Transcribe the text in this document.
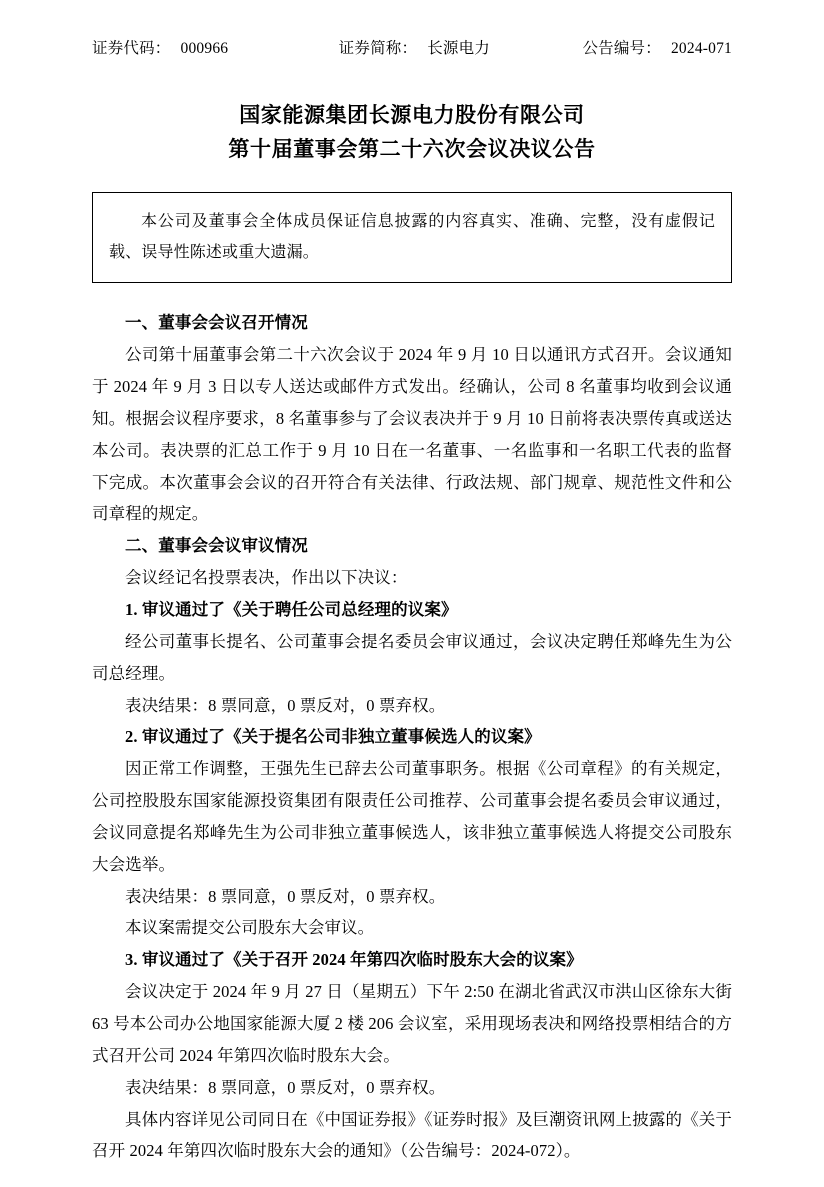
证券代码： 000966	证券简称： 长源电力	公告编号： 2024-071
国家能源集团长源电力股份有限公司
第十届董事会第二十六次会议决议公告

本公司及董事会全体成员保证信息披露的内容真实、准确、完整，没有虚假记载、误导性陈述或重大遗漏。

一、董事会会议召开情况

公司第十届董事会第二十六次会议于 2024 年 9 月 10 日以通讯方式召开。会议通知于 2024 年 9 月 3 日以专人送达或邮件方式发出。经确认，公司 8 名董事均收到会议通知。根据会议程序要求，8 名董事参与了会议表决并于 9 月 10 日前将表决票传真或送达本公司。表决票的汇总工作于 9 月 10 日在一名董事、一名监事和一名职工代表的监督下完成。本次董事会会议的召开符合有关法律、行政法规、部门规章、规范性文件和公司章程的规定。

二、董事会会议审议情况

会议经记名投票表决，作出以下决议：

1. 审议通过了《关于聘任公司总经理的议案》

经公司董事长提名、公司董事会提名委员会审议通过，会议决定聘任郑峰先生为公司总经理。

表决结果：8 票同意，0 票反对，0 票弃权。

2. 审议通过了《关于提名公司非独立董事候选人的议案》

因正常工作调整，王强先生已辞去公司董事职务。根据《公司章程》的有关规定，公司控股股东国家能源投资集团有限责任公司推荐、公司董事会提名委员会审议通过，会议同意提名郑峰先生为公司非独立董事候选人，该非独立董事候选人将提交公司股东大会选举。

表决结果：8 票同意，0 票反对，0 票弃权。

本议案需提交公司股东大会审议。

3. 审议通过了《关于召开 2024 年第四次临时股东大会的议案》

会议决定于 2024 年 9 月 27 日（星期五）下午 2:50 在湖北省武汉市洪山区徐东大街 63 号本公司办公地国家能源大厦 2 楼 206 会议室，采用现场表决和网络投票相结合的方式召开公司 2024 年第四次临时股东大会。

表决结果：8 票同意，0 票反对，0 票弃权。

具体内容详见公司同日在《中国证券报》《证券时报》及巨潮资讯网上披露的《关于召开 2024 年第四次临时股东大会的通知》（公告编号：2024-072）。
